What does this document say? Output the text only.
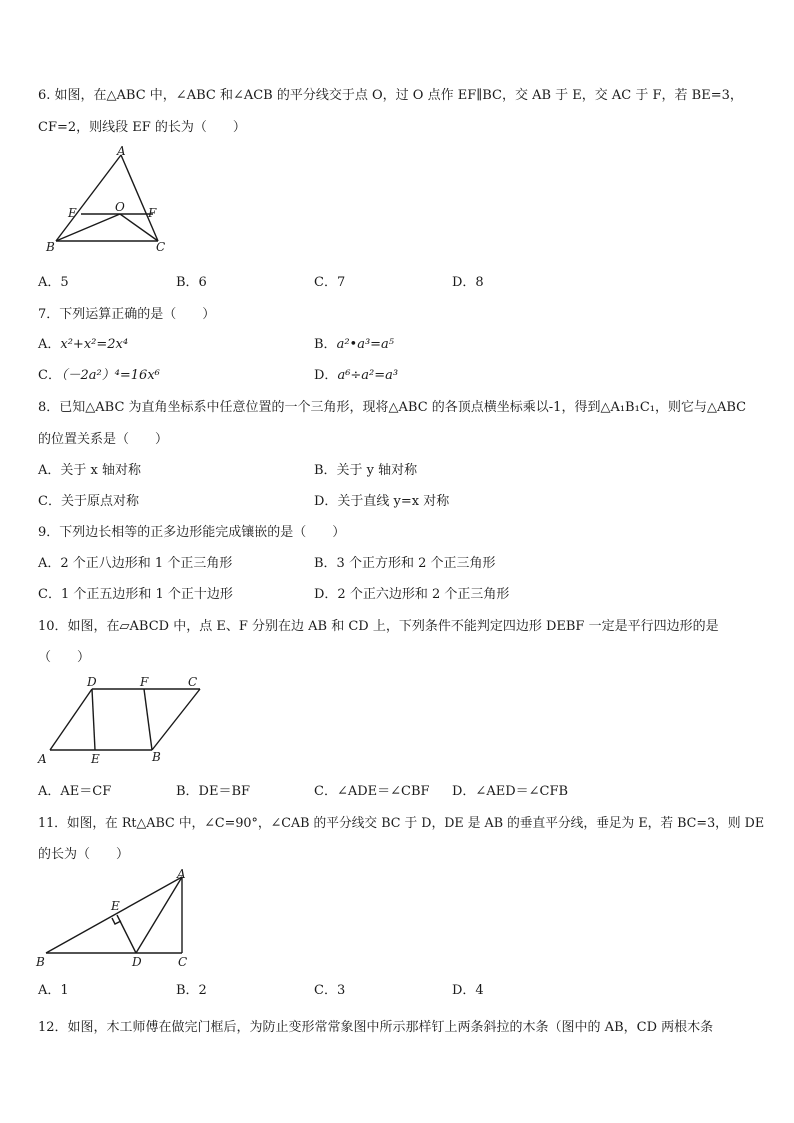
6. 如图，在△ABC 中，∠ABC 和∠ACB 的平分线交于点 O，过 O 点作 EF∥BC，交 AB 于 E，交 AC 于 F，若 BE=3，
CF=2，则线段 EF 的长为（　　）
A
E	O F
B	C
A．5	B．6	C．7	D．8
7．下列运算正确的是（　　）
A．x²+x²=2x⁴	B．a²•a³=a⁵
C．（－2a²）⁴=16x⁶	D．a⁶÷a²=a³
8．已知△ABC 为直角坐标系中任意位置的一个三角形，现将△ABC 的各顶点横坐标乘以-1，得到△A₁B₁C₁，则它与△ABC
的位置关系是（　　）
A．关于 x 轴对称	B．关于 y 轴对称
C．关于原点对称	D．关于直线 y=x 对称
9．下列边长相等的正多边形能完成镶嵌的是（　　）
A．2 个正八边形和 1 个正三角形	B．3 个正方形和 2 个正三角形
C．1 个正五边形和 1 个正十边形	D．2 个正六边形和 2 个正三角形
10．如图，在▱ABCD 中，点 E、F 分别在边 AB 和 CD 上，下列条件不能判定四边形 DEBF 一定是平行四边形的是
（　　）
D	F	C
A	E	B
A．AE＝CF	B．DE＝BF	C．∠ADE＝∠CBF D．∠AED＝∠CFB
11．如图，在 Rt△ABC 中，∠C=90°，∠CAB 的平分线交 BC 于 D，DE 是 AB 的垂直平分线，垂足为 E，若 BC=3，则 DE
的长为（　　）
A
E
B	D	C
A．1	B．2	C．3	D．4
12．如图，木工师傅在做完门框后，为防止变形常常象图中所示那样钉上两条斜拉的木条（图中的 AB，CD 两根木条
